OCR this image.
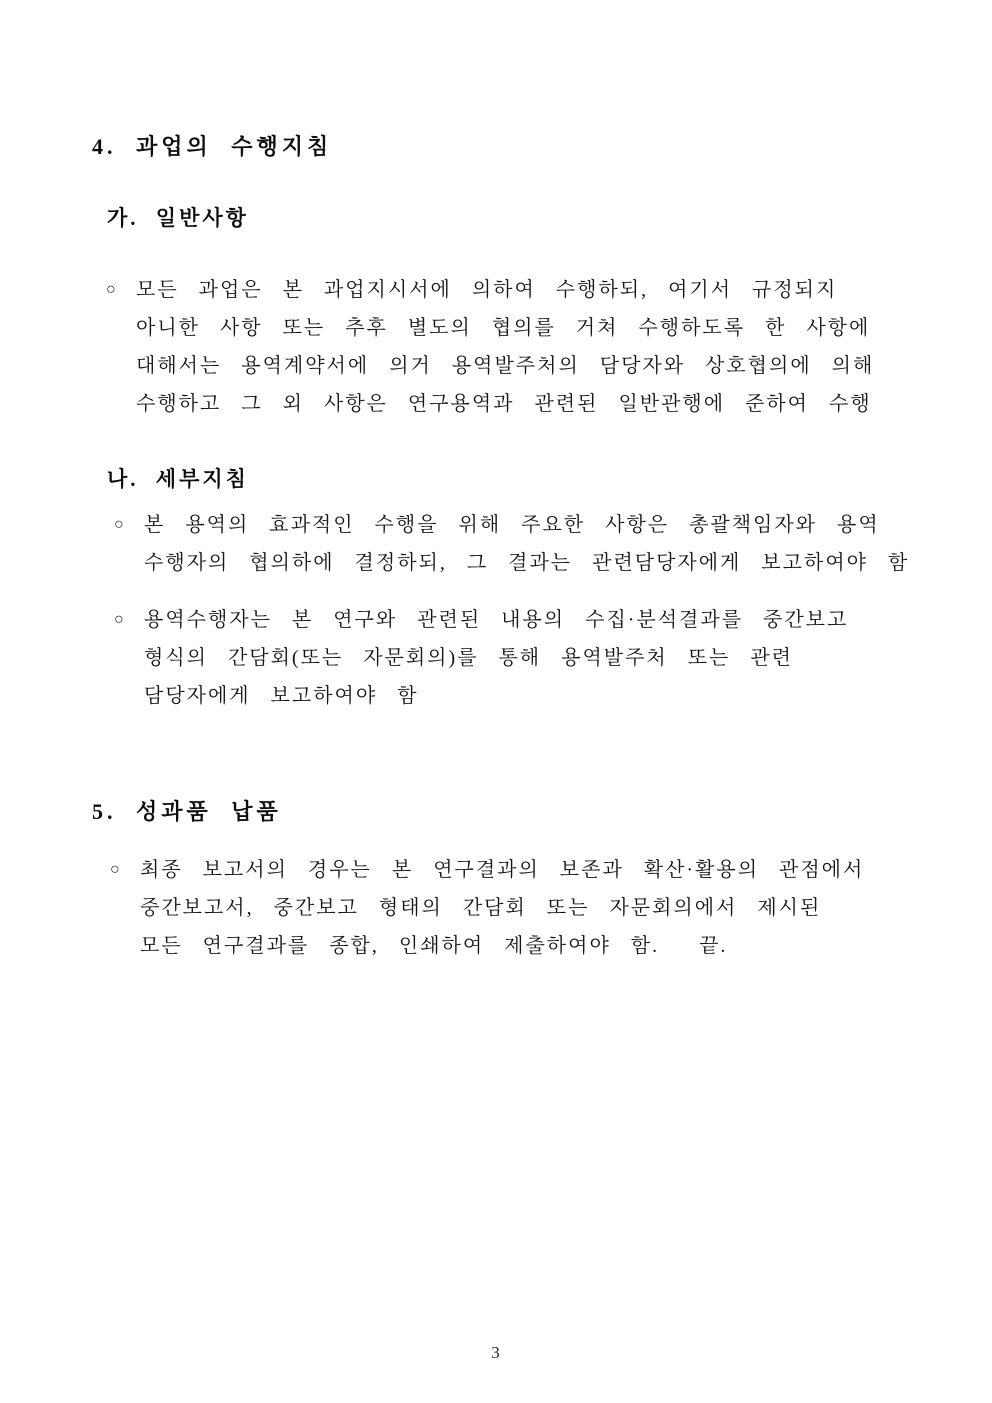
4. 과업의 수행지침
가. 일반사항
○	모든 과업은 본 과업지시서에 의하여 수행하되, 여기서 규정되지
아니한 사항 또는 추후 별도의 협의를 거쳐 수행하도록 한 사항에
대해서는 용역계약서에 의거 용역발주처의 담당자와 상호협의에 의해
수행하고 그 외 사항은 연구용역과 관련된 일반관행에 준하여 수행
나. 세부지침
○	본 용역의 효과적인 수행을 위해 주요한 사항은 총괄책임자와 용역
수행자의 협의하에 결정하되, 그 결과는 관련담당자에게 보고하여야 함
○	용역수행자는 본 연구와 관련된 내용의 수집·분석결과를 중간보고
형식의 간담회(또는 자문회의)를 통해 용역발주처 또는 관련
담당자에게 보고하여야 함
5. 성과품 납품
○	최종 보고서의 경우는 본 연구결과의 보존과 확산·활용의 관점에서
중간보고서, 중간보고 형태의 간담회 또는 자문회의에서 제시된
모든 연구결과를 종합, 인쇄하여 제출하여야 함.  끝.
3
